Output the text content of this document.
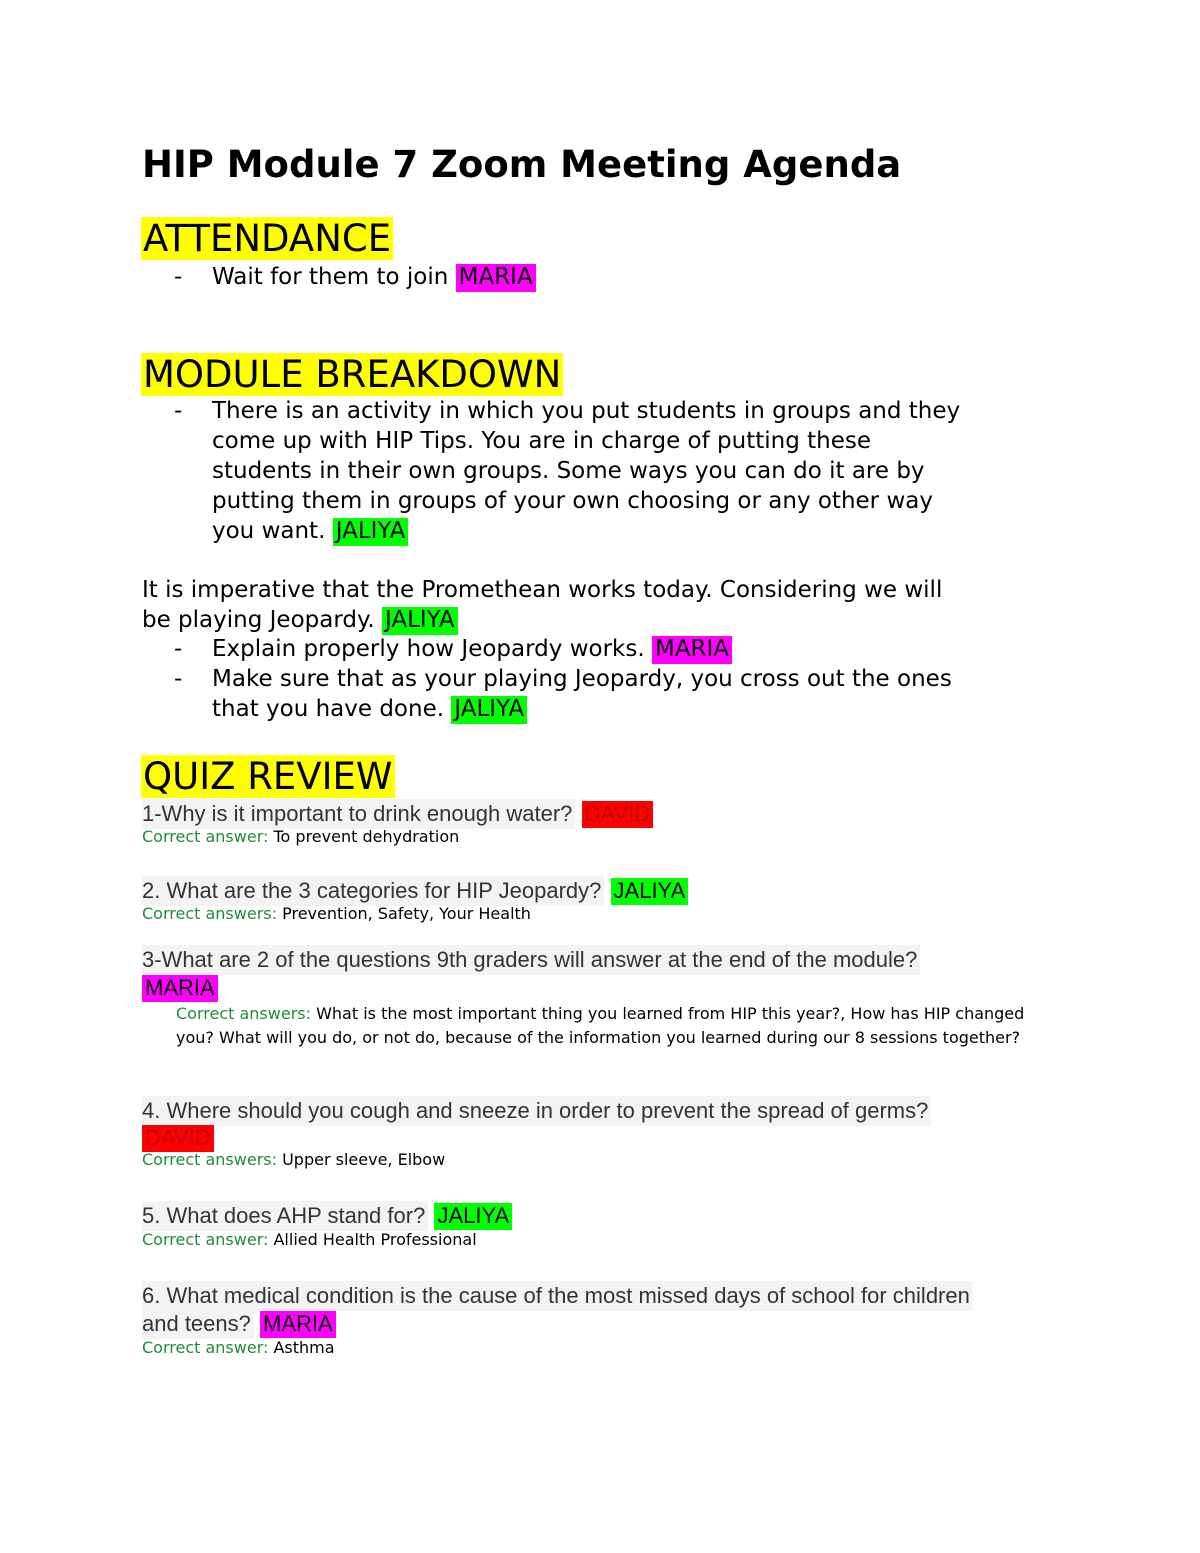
HIP Module 7 Zoom Meeting Agenda
ATTENDANCE
- Wait for them to join MARIA
MODULE BREAKDOWN
- There is an activity in which you put students in groups and they
come up with HIP Tips. You are in charge of putting these
students in their own groups. Some ways you can do it are by
putting them in groups of your own choosing or any other way
you want. JALIYA
It is imperative that the Promethean works today. Considering we will
be playing Jeopardy. JALIYA
- Explain properly how Jeopardy works. MARIA
- Make sure that as your playing Jeopardy, you cross out the ones
that you have done. JALIYA
QUIZ REVIEW
1-Why is it important to drink enough water? DAVID
Correct answer: To prevent dehydration
2. What are the 3 categories for HIP Jeopardy? JALIYA
Correct answers: Prevention, Safety, Your Health
3-What are 2 of the questions 9th graders will answer at the end of the module?
MARIA
Correct answers: What is the most important thing you learned from HIP this year?, How has HIP changed
you? What will you do, or not do, because of the information you learned during our 8 sessions together?
4. Where should you cough and sneeze in order to prevent the spread of germs?
DAVID
Correct answers: Upper sleeve, Elbow
5. What does AHP stand for? JALIYA
Correct answer: Allied Health Professional
6. What medical condition is the cause of the most missed days of school for children
and teens? MARIA
Correct answer: Asthma
